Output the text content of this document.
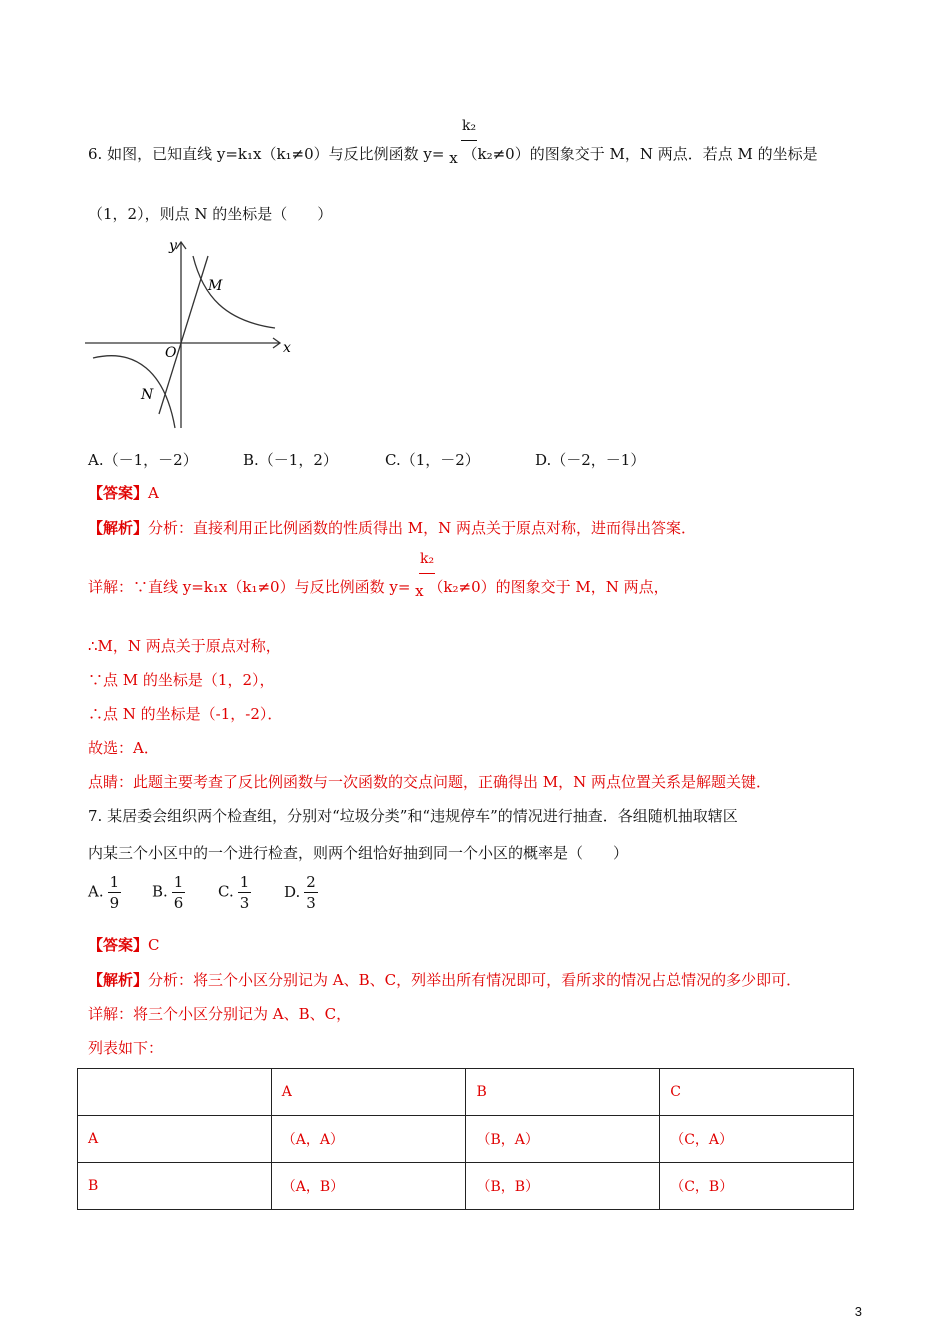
k₂
6. 如图，已知直线 y=k₁x（k₁≠0）与反比例函数 y= x （k₂≠0）的图象交于 M，N 两点．若点 M 的坐标是
（1，2），则点 N 的坐标是（　　）
y
x
O
M
N
A.（－1，－2）	B.（－1，2）	C.（1，－2）	D.（－2，－1）
【答案】A
【解析】分析：直接利用正比例函数的性质得出 M，N 两点关于原点对称，进而得出答案．
k₂
详解：∵直线 y=k₁x（k₁≠0）与反比例函数 y= x （k₂≠0）的图象交于 M，N 两点，
∴M，N 两点关于原点对称，
∵点 M 的坐标是（1，2），
∴点 N 的坐标是（-1，-2）．
故选：A．
点睛：此题主要考查了反比例函数与一次函数的交点问题，正确得出 M，N 两点位置关系是解题关键．
7. 某居委会组织两个检查组，分别对“垃圾分类”和“违规停车”的情况进行抽查．各组随机抽取辖区
内某三个小区中的一个进行检查，则两个组恰好抽到同一个小区的概率是（　　）
A. $\frac{1}{9} B$. $\frac{1}{6} C$. $\frac{1}{3} D$. $\frac{2}{3}$
【答案】C
【解析】分析：将三个小区分别记为 A、B、C，列举出所有情况即可，看所求的情况占总情况的多少即可．
详解：将三个小区分别记为 A、B、C，
列表如下：
	A	B	C
A	（A，A）	（B，A）	（C，A）
B	（A，B）	（B，B）	（C，B）
3
